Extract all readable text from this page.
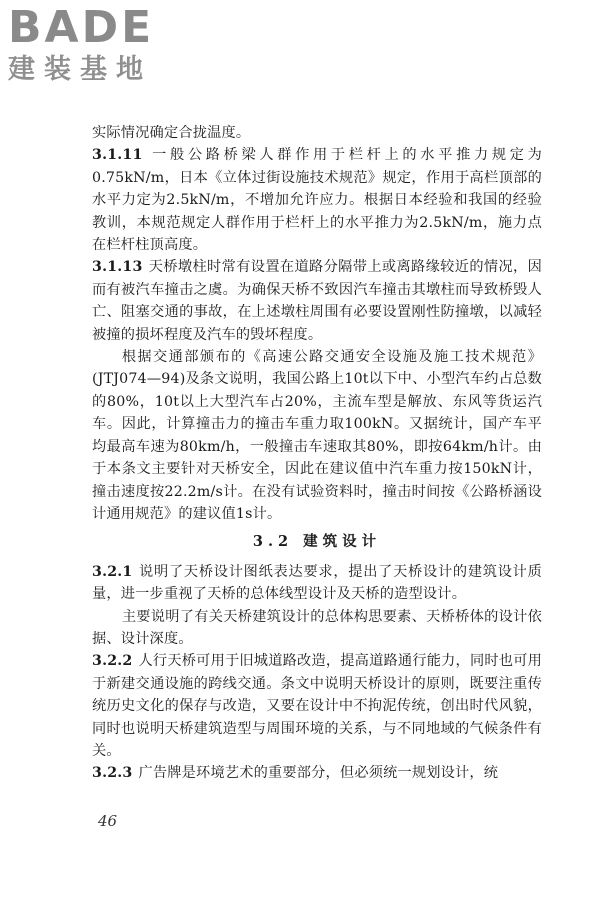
BADE
建装基地

实际情况确定合拢温度。

3.1.11 一般公路桥梁人群作用于栏杆上的水平推力规定为0.75kN/m，日本《立体过街设施技术规范》规定，作用于高栏顶部的水平力定为2.5kN/m，不增加允许应力。根据日本经验和我国的经验教训，本规范规定人群作用于栏杆上的水平推力为2.5kN/m，施力点在栏杆柱顶高度。

3.1.13 天桥墩柱时常有设置在道路分隔带上或离路缘较近的情况，因而有被汽车撞击之虞。为确保天桥不致因汽车撞击其墩柱而导致桥毁人亡、阻塞交通的事故，在上述墩柱周围有必要设置刚性防撞墩，以减轻被撞的损坏程度及汽车的毁坏程度。

根据交通部颁布的《高速公路交通安全设施及施工技术规范》(JTJ074—94)及条文说明，我国公路上10t以下中、小型汽车约占总数的80%，10t以上大型汽车占20%，主流车型是解放、东风等货运汽车。因此，计算撞击力的撞击车重力取100kN。又据统计，国产车平均最高车速为80km/h，一般撞击车速取其80%，即按64km/h计。由于本条文主要针对天桥安全，因此在建议值中汽车重力按150kN计，撞击速度按22.2m/s计。在没有试验资料时，撞击时间按《公路桥涵设计通用规范》的建议值1s计。

3.2 建筑设计

3.2.1 说明了天桥设计图纸表达要求，提出了天桥设计的建筑设计质量，进一步重视了天桥的总体线型设计及天桥的造型设计。

主要说明了有关天桥建筑设计的总体构思要素、天桥桥体的设计依据、设计深度。

3.2.2 人行天桥可用于旧城道路改造，提高道路通行能力，同时也可用于新建交通设施的跨线交通。条文中说明天桥设计的原则，既要注重传统历史文化的保存与改造，又要在设计中不拘泥传统，创出时代风貌，同时也说明天桥建筑造型与周围环境的关系，与不同地域的气候条件有关。

3.2.3 广告牌是环境艺术的重要部分，但必须统一规划设计，统

46
